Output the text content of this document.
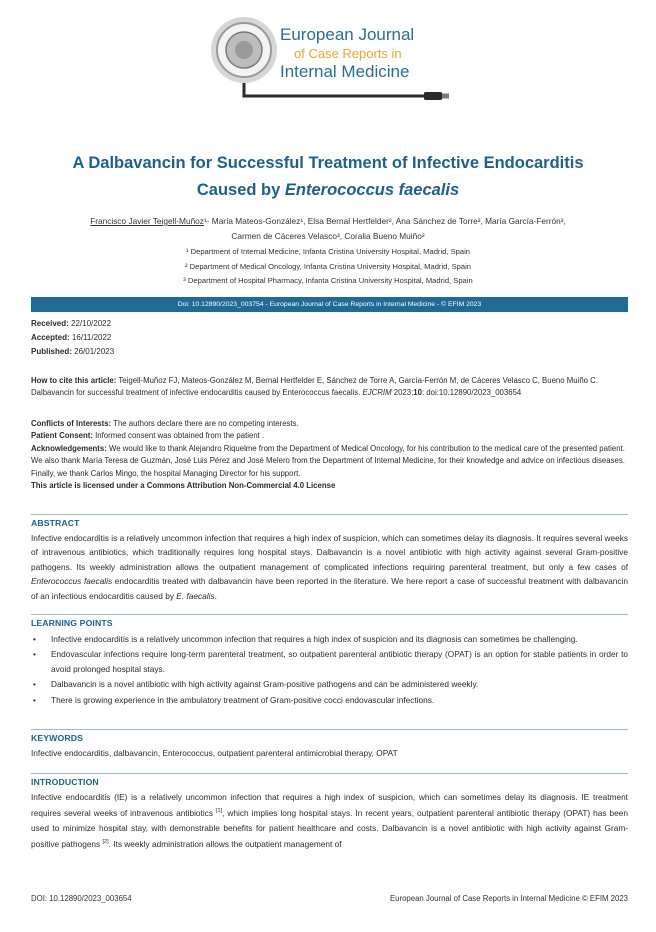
European Journal
of Case Reports in
Internal Medicine
A Dalbavancin for Successful Treatment of Infective Endocarditis
Caused by Enterococcus faecalis
Francisco Javier Teigell-Muñoz¹· María Mateos-González¹, Elsa Bernal Hertfelder², Ana Sánchez de Torre², María García-Ferrón³,
Carmen de Cáceres Velasco³, Coralia Bueno Muiño²
¹ Department of Internal Medicine, Infanta Cristina University Hospital, Madrid, Spain
² Department of Medical Oncology, Infanta Cristina University Hospital, Madrid, Spain
³ Department of Hospital Pharmacy, Infanta Cristina University Hospital, Madrid, Spain
Doi: 10.12890/2023_003754 - European Journal of Case Reports in Internal Medicine - © EFIM 2023
Received: 22/10/2022
Accepted: 16/11/2022
Published: 26/01/2023
How to cite this article: Teigell-Muñoz FJ, Mateos-González M, Bernal Hertfelder E, Sánchez de Torre A, García-Ferrón M, de Cáceres Velasco C, Bueno Muiño C. Dalbavancin for successful treatment of infective endocarditis caused by Enterococcus faecalis. EJCRIM 2023;10: doi:10.12890/2023_003654

Conflicts of Interests: The authors declare there are no competing interests.

Patient Consent: Informed consent was obtained from the patient .

Acknowledgements: We would like to thank Alejandro Riquelme from the Department of Medical Oncology, for his contribution to the medical care of the presented patient. We also thank María Teresa de Guzmán, José Luis Pérez and José Melero from the Department of Internal Medicine, for their knowledge and advice on infectious diseases. Finally, we thank Carlos Mingo, the hospital Managing Director for his support.

This article is licensed under a Commons Attribution Non-Commercial 4.0 License

ABSTRACT
Infective endocarditis is a relatively uncommon infection that requires a high index of suspicion, which can sometimes delay its diagnosis. It requires several weeks of intravenous antibiotics, which traditionally requires long hospital stays. Dalbavancin is a novel antibiotic with high activity against several Gram-positive pathogens. Its weekly administration allows the outpatient management of complicated infections requiring parenteral treatment, but only a few cases of Enterococcus faecalis endocarditis treated with dalbavancin have been reported in the literature. We here report a case of successful treatment with dalbavancin of an infectious endocarditis caused by E. faecalis.
LEARNING POINTS
• Infective endocarditis is a relatively uncommon infection that requires a high index of suspicion and its diagnosis can sometimes be challenging.
• Endovascular infections require long-term parenteral treatment, so outpatient parenteral antibiotic therapy (OPAT) is an option for stable patients in order to avoid prolonged hospital stays.
• Dalbavancin is a novel antibiotic with high activity against Gram-positive pathogens and can be administered weekly.
• There is growing experience in the ambulatory treatment of Gram-positive cocci endovascular infections.
KEYWORDS
Infective endocarditis, dalbavancin, Enterococcus, outpatient parenteral antimicrobial therapy, OPAT
INTRODUCTION
Infective endocarditis (IE) is a relatively uncommon infection that requires a high index of suspicion, which can sometimes delay its diagnosis. IE treatment requires several weeks of intravenous antibiotics [1], which implies long hospital stays. In recent years, outpatient parenteral antibiotic therapy (OPAT) has been used to minimize hospital stay, with demonstrable benefits for patient healthcare and costs. Dalbavancin is a novel antibiotic with high activity against Gram-positive pathogens [2]. Its weekly administration allows the outpatient management of
DOI: 10.12890/2023_003654	European Journal of Case Reports in Internal Medicine © EFIM 2023
